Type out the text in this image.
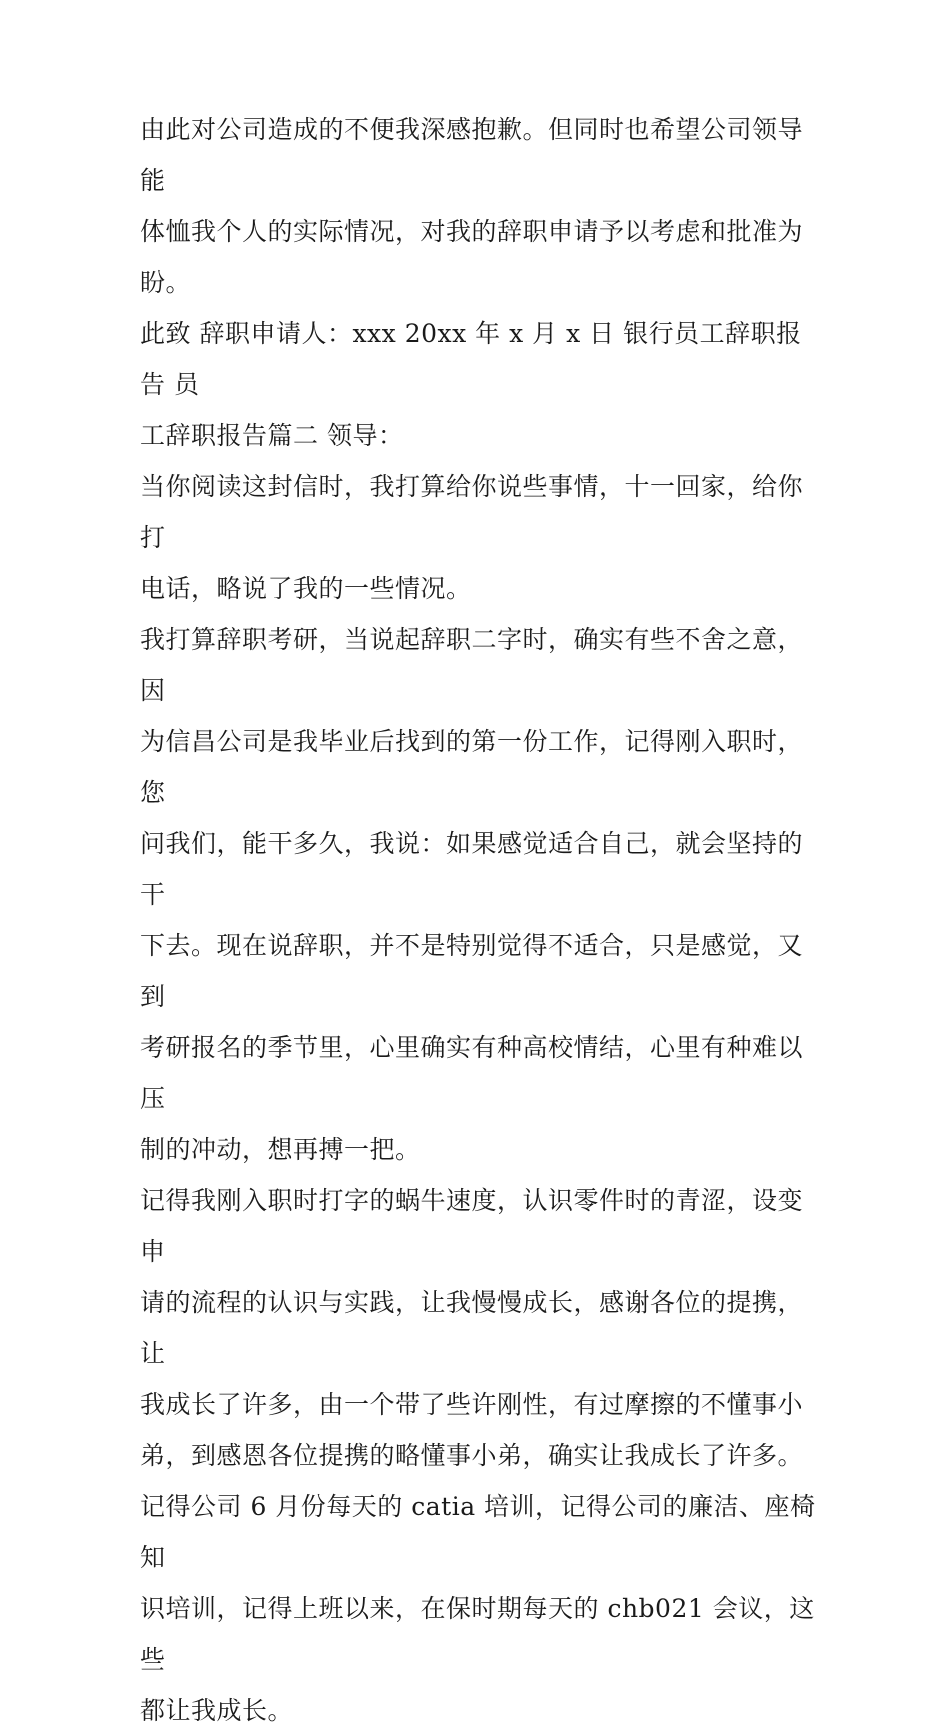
由此对公司造成的不便我深感抱歉。但同时也希望公司领导能
体恤我个人的实际情况，对我的辞职申请予以考虑和批准为
盼。

此致 辞职申请人：xxx 20xx 年 x 月 x 日 银行员工辞职报告 员
工辞职报告篇二 领导：

当你阅读这封信时，我打算给你说些事情，十一回家，给你打
电话，略说了我的一些情况。

我打算辞职考研，当说起辞职二字时，确实有些不舍之意，因
为信昌公司是我毕业后找到的第一份工作，记得刚入职时，您
问我们，能干多久，我说：如果感觉适合自己，就会坚持的干
下去。现在说辞职，并不是特别觉得不适合，只是感觉，又到
考研报名的季节里，心里确实有种高校情结，心里有种难以压
制的冲动，想再搏一把。

记得我刚入职时打字的蜗牛速度，认识零件时的青涩，设变申
请的流程的认识与实践，让我慢慢成长，感谢各位的提携，让
我成长了许多，由一个带了些许刚性，有过摩擦的不懂事小
弟，到感恩各位提携的略懂事小弟，确实让我成长了许多。

记得公司 6 月份每天的 catia 培训，记得公司的廉洁、座椅知
识培训，记得上班以来，在保时期每天的 chb021 会议，这些
都让我成长。
